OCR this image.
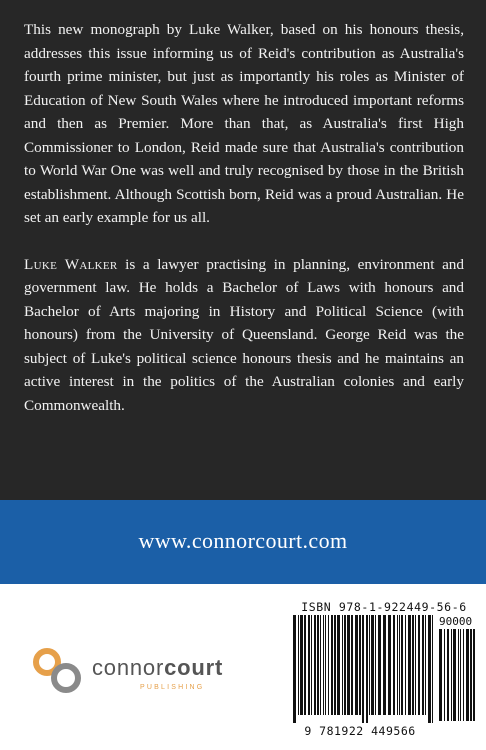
This new monograph by Luke Walker, based on his honours thesis, addresses this issue informing us of Reid's contribution as Australia's fourth prime minister, but just as importantly his roles as Minister of Education of New South Wales where he introduced important reforms and then as Premier. More than that, as Australia's first High Commissioner to London, Reid made sure that Australia's contribution to World War One was well and truly recognised by those in the British establishment. Although Scottish born, Reid was a proud Australian. He set an early example for us all.

Luke Walker is a lawyer practising in planning, environment and government law. He holds a Bachelor of Laws with honours and Bachelor of Arts majoring in History and Political Science (with honours) from the University of Queensland. George Reid was the subject of Luke's political science honours thesis and he maintains an active interest in the politics of the Australian colonies and early Commonwealth.

www.connorcourt.com
ISBN 978-1-922449-56-6
90000
9 781922 449566
connorcourt
PUBLISHING
